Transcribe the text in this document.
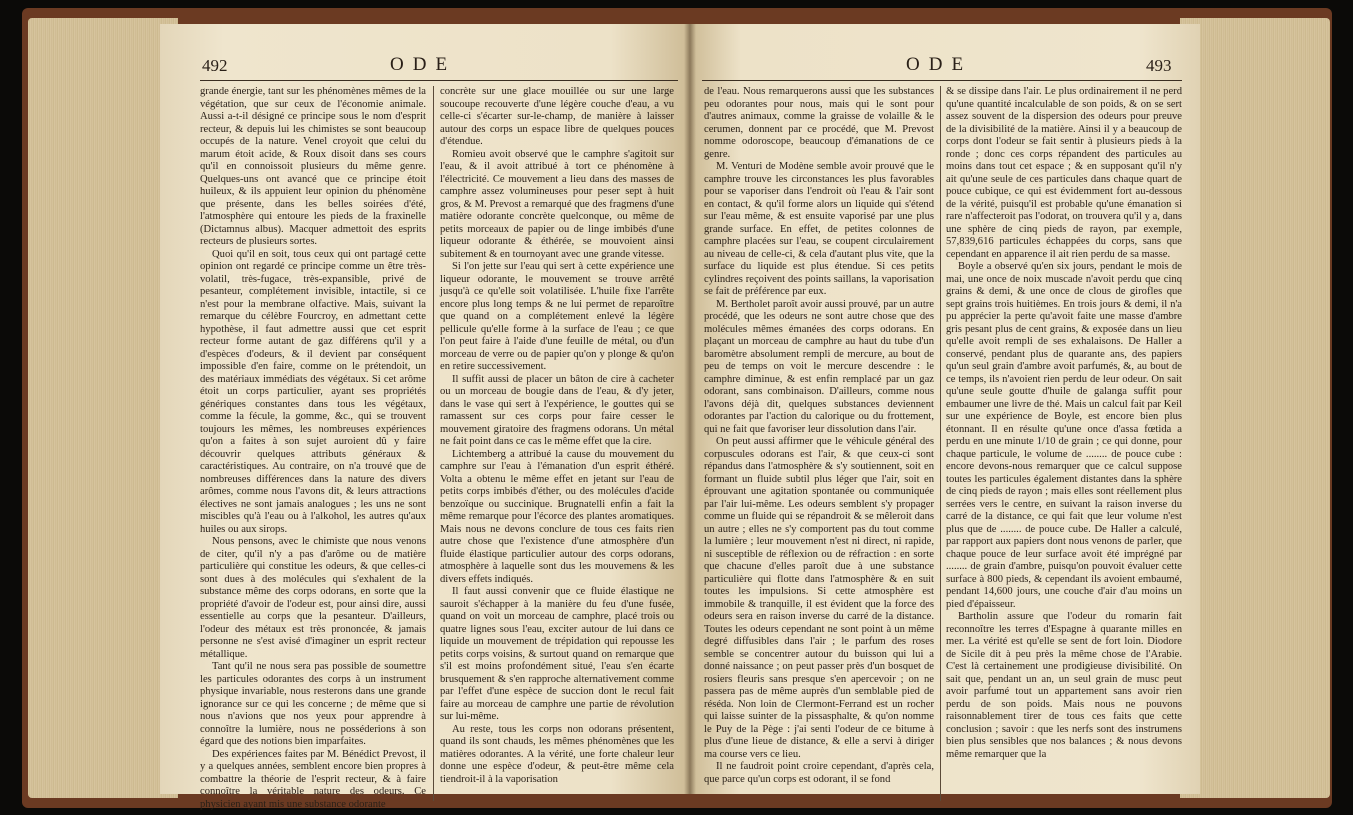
492	ODE

grande énergie, tant sur les phénomènes mêmes de la végétation, que sur ceux de l'économie animale. Aussi a-t-il désigné ce principe sous le nom d'esprit recteur, & depuis lui les chimistes se sont beaucoup occupés de la nature. Venel croyoit que celui du marum étoit acide, & Roux disoit dans ses cours qu'il en connoissoit plusieurs du même genre. Quelques-uns ont avancé que ce principe étoit huileux, & ils appuient leur opinion du phénomène que présente, dans les belles soirées d'été, l'atmosphère qui entoure les pieds de la fraxinelle (Dictamnus albus). Macquer admettoit des esprits recteurs de plusieurs sortes.

Quoi qu'il en soit, tous ceux qui ont partagé cette opinion ont regardé ce principe comme un être très-volatil, très-fugace, très-expansible, privé de pesanteur, complétement invisible, intactile, si ce n'est pour la membrane olfactive. Mais, suivant la remarque du célèbre Fourcroy, en admettant cette hypothèse, il faut admettre aussi que cet esprit recteur forme autant de gaz différens qu'il y a d'espèces d'odeurs, & il devient par conséquent impossible d'en faire, comme on le prétendoit, un des matériaux immédiats des végétaux. Si cet arôme étoit un corps particulier, ayant ses propriétés génériques constantes dans tous les végétaux, comme la fécule, la gomme, &c., qui se trouvent toujours les mêmes, les nombreuses expériences qu'on a faites à son sujet auroient dû y faire découvrir quelques attributs généraux & caractéristiques. Au contraire, on n'a trouvé que de nombreuses différences dans la nature des divers arômes, comme nous l'avons dit, & leurs attractions électives ne sont jamais analogues ; les uns ne sont miscibles qu'à l'eau ou à l'alkohol, les autres qu'aux huiles ou aux sirops.

Nous pensons, avec le chimiste que nous venons de citer, qu'il n'y a pas d'arôme ou de matière particulière qui constitue les odeurs, & que celles-ci sont dues à des molécules qui s'exhalent de la substance même des corps odorans, en sorte que la propriété d'avoir de l'odeur est, pour ainsi dire, aussi essentielle au corps que la pesanteur. D'ailleurs, l'odeur des métaux est très prononcée, & jamais personne ne s'est avisé d'imaginer un esprit recteur métallique.

Tant qu'il ne nous sera pas possible de soumettre les particules odorantes des corps à un instrument physique invariable, nous resterons dans une grande ignorance sur ce qui les concerne ; de même que si nous n'avions que nos yeux pour apprendre à connoître la lumière, nous ne posséderions à son égard que des notions bien imparfaites.

Des expériences faites par M. Bénédict Prevost, il y a quelques années, semblent encore bien propres à combattre la théorie de l'esprit recteur, & à faire connoître la véritable nature des odeurs. Ce physicien ayant mis une substance odorante

concrète sur une glace mouillée ou sur une large soucoupe recouverte d'une légère couche d'eau, a vu celle-ci s'écarter sur-le-champ, de manière à laisser autour des corps un espace libre de quelques pouces d'étendue.

Romieu avoit observé que le camphre s'agitoit sur l'eau, & il avoit attribué à tort ce phénomène à l'électricité. Ce mouvement a lieu dans des masses de camphre assez volumineuses pour peser sept à huit gros, & M. Prevost a remarqué que des fragmens d'une matière odorante concrète quelconque, ou même de petits morceaux de papier ou de linge imbibés d'une liqueur odorante & éthérée, se mouvoient ainsi subitement & en tournoyant avec une grande vitesse.

Si l'on jette sur l'eau qui sert à cette expérience une liqueur odorante, le mouvement se trouve arrêté jusqu'à ce qu'elle soit volatilisée. L'huile fixe l'arrête encore plus long temps & ne lui permet de reparoître que quand on a complétement enlevé la légère pellicule qu'elle forme à la surface de l'eau ; ce que l'on peut faire à l'aide d'une feuille de métal, ou d'un morceau de verre ou de papier qu'on y plonge & qu'on en retire successivement.

Il suffit aussi de placer un bâton de cire à cacheter ou un morceau de bougie dans de l'eau, & d'y jeter, dans le vase qui sert à l'expérience, le gouttes qui se ramassent sur ces corps pour faire cesser le mouvement giratoire des fragmens odorans. Un métal ne fait point dans ce cas le même effet que la cire.

Lichtemberg a attribué la cause du mouvement du camphre sur l'eau à l'émanation d'un esprit éthéré. Volta a obtenu le même effet en jetant sur l'eau de petits corps imbibés d'éther, ou des molécules d'acide benzoïque ou succinique. Brugnatelli enfin a fait la même remarque pour l'écorce des plantes aromatiques. Mais nous ne devons conclure de tous ces faits rien autre chose que l'existence d'une atmosphère d'un fluide élastique particulier autour des corps odorans, atmosphère à laquelle sont dus les mouvemens & les divers effets indiqués.

Il faut aussi convenir que ce fluide élastique ne sauroit s'échapper à la manière du feu d'une fusée, quand on voit un morceau de camphre, placé trois ou quatre lignes sous l'eau, exciter autour de lui dans ce liquide un mouvement de trépidation qui repousse les petits corps voisins, & surtout quand on remarque que s'il est moins profondément situé, l'eau s'en écarte brusquement & s'en rapproche alternativement comme par l'effet d'une espèce de succion dont le recul fait faire au morceau de camphre une partie de révolution sur lui-même.

Au reste, tous les corps non odorans présentent, quand ils sont chauds, les mêmes phénomènes que les matières odorantes. A la vérité, une forte chaleur leur donne une espèce d'odeur, & peut-être même cela tiendroit-il à la vaporisation

ODE	493

de l'eau. Nous remarquerons aussi que les substances peu odorantes pour nous, mais qui le sont pour d'autres animaux, comme la graisse de volaille & le cerumen, donnent par ce procédé, que M. Prevost nomme odoroscope, beaucoup d'émanations de ce genre.

M. Venturi de Modène semble avoir prouvé que le camphre trouve les circonstances les plus favorables pour se vaporiser dans l'endroit où l'eau & l'air sont en contact, & qu'il forme alors un liquide qui s'étend sur l'eau même, & est ensuite vaporisé par une plus grande surface. En effet, de petites colonnes de camphre placées sur l'eau, se coupent circulairement au niveau de celle-ci, & cela d'autant plus vite, que la surface du liquide est plus étendue. Si ces petits cylindres reçoivent des points saillans, la vaporisation se fait de préférence par eux.

M. Bertholet paroît avoir aussi prouvé, par un autre procédé, que les odeurs ne sont autre chose que des molécules mêmes émanées des corps odorans. En plaçant un morceau de camphre au haut du tube d'un baromètre absolument rempli de mercure, au bout de peu de temps on voit le mercure descendre : le camphre diminue, & est enfin remplacé par un gaz odorant, sans combinaison. D'ailleurs, comme nous l'avons déjà dit, quelques substances deviennent odorantes par l'action du calorique ou du frottement, qui ne fait que favoriser leur dissolution dans l'air.

On peut aussi affirmer que le véhicule général des corpuscules odorans est l'air, & que ceux-ci sont répandus dans l'atmosphère & s'y soutiennent, soit en formant un fluide subtil plus léger que l'air, soit en éprouvant une agitation spontanée ou communiquée par l'air lui-même. Les odeurs semblent s'y propager comme un fluide qui se répandroit & se mêleroit dans un autre ; elles ne s'y comportent pas du tout comme la lumière ; leur mouvement n'est ni direct, ni rapide, ni susceptible de réflexion ou de réfraction : en sorte que chacune d'elles paroît due à une substance particulière qui flotte dans l'atmosphère & en suit toutes les impulsions. Si cette atmosphère est immobile & tranquille, il est évident que la force des odeurs sera en raison inverse du carré de la distance. Toutes les odeurs cependant ne sont point à un même degré diffusibles dans l'air ; le parfum des roses semble se concentrer autour du buisson qui lui a donné naissance ; on peut passer près d'un bosquet de rosiers fleuris sans presque s'en apercevoir ; on ne passera pas de même auprès d'un semblable pied de réséda. Non loin de Clermont-Ferrand est un rocher qui laisse suinter de la pissasphalte, & qu'on nomme le Puy de la Pège : j'ai senti l'odeur de ce bitume à plus d'une lieue de distance, & elle a servi à diriger ma course vers ce lieu.

Il ne faudroit point croire cependant, d'après cela, que parce qu'un corps est odorant, il se fond

& se dissipe dans l'air. Le plus ordinairement il ne perd qu'une quantité incalculable de son poids, & on se sert assez souvent de la dispersion des odeurs pour preuve de la divisibilité de la matière. Ainsi il y a beaucoup de corps dont l'odeur se fait sentir à plusieurs pieds à la ronde ; donc ces corps répandent des particules au moins dans tout cet espace ; & en supposant qu'il n'y ait qu'une seule de ces particules dans chaque quart de pouce cubique, ce qui est évidemment fort au-dessous de la vérité, puisqu'il est probable qu'une émanation si rare n'affecteroit pas l'odorat, on trouvera qu'il y a, dans une sphère de cinq pieds de rayon, par exemple, 57,839,616 particules échappées du corps, sans que cependant en apparence il ait rien perdu de sa masse.

Boyle a observé qu'en six jours, pendant le mois de mai, une once de noix muscade n'avoit perdu que cinq grains & demi, & une once de clous de girofles que sept grains trois huitièmes. En trois jours & demi, il n'a pu apprécier la perte qu'avoit faite une masse d'ambre gris pesant plus de cent grains, & exposée dans un lieu qu'elle avoit rempli de ses exhalaisons. De Haller a conservé, pendant plus de quarante ans, des papiers qu'un seul grain d'ambre avoit parfumés, &, au bout de ce temps, ils n'avoient rien perdu de leur odeur. On sait qu'une seule goutte d'huile de galanga suffit pour embaumer une livre de thé. Mais un calcul fait par Keil sur une expérience de Boyle, est encore bien plus étonnant. Il en résulte qu'une once d'assa fœtida a perdu en une minute 1/10 de grain ; ce qui donne, pour chaque particule, le volume de ........ de pouce cube : encore devons-nous remarquer que ce calcul suppose toutes les particules également distantes dans la sphère de cinq pieds de rayon ; mais elles sont réellement plus serrées vers le centre, en suivant la raison inverse du carré de la distance, ce qui fait que leur volume n'est plus que de ........ de pouce cube. De Haller a calculé, par rapport aux papiers dont nous venons de parler, que chaque pouce de leur surface avoit été imprégné par ........ de grain d'ambre, puisqu'on pouvoit évaluer cette surface à 800 pieds, & cependant ils avoient embaumé, pendant 14,600 jours, une couche d'air d'au moins un pied d'épaisseur.

Bartholin assure que l'odeur du romarin fait reconnoître les terres d'Espagne à quarante milles en mer. La vérité est qu'elle se sent de fort loin. Diodore de Sicile dit à peu près la même chose de l'Arabie. C'est là certainement une prodigieuse divisibilité. On sait que, pendant un an, un seul grain de musc peut avoir parfumé tout un appartement sans avoir rien perdu de son poids. Mais nous ne pouvons raisonnablement tirer de tous ces faits que cette conclusion ; savoir : que les nerfs sont des instrumens bien plus sensibles que nos balances ; & nous devons même remarquer que la
